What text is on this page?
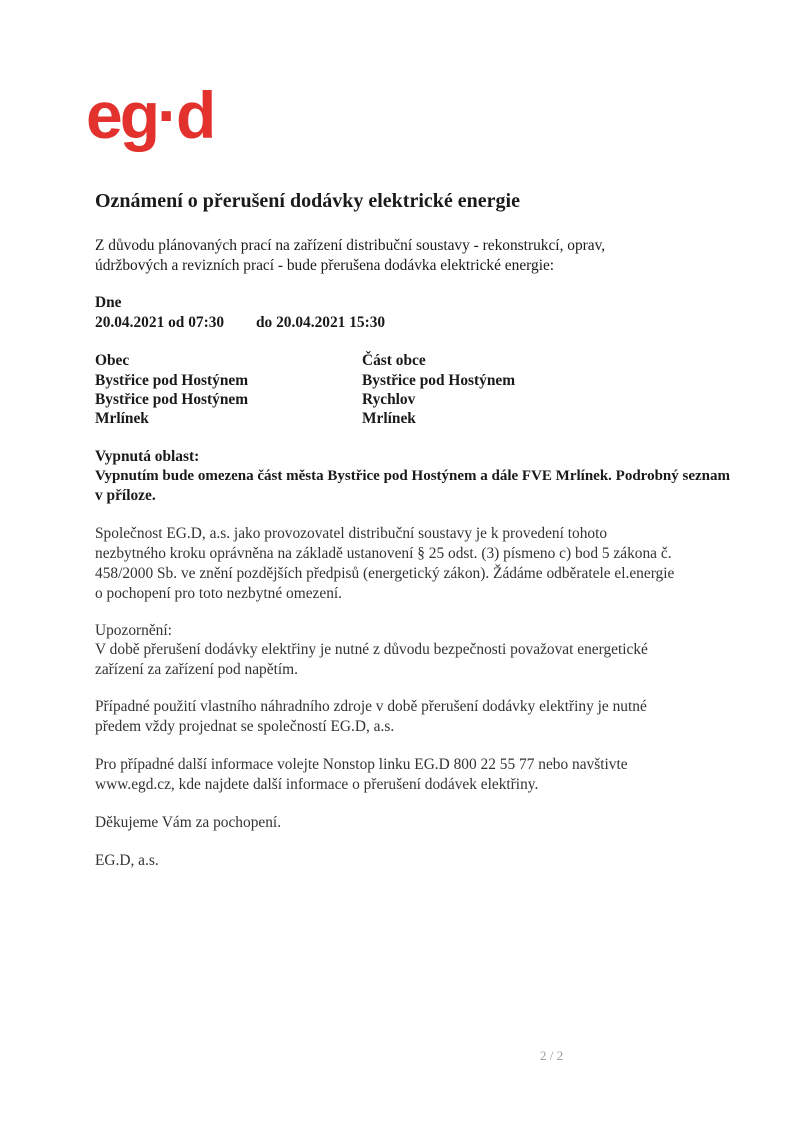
eg·d
Oznámení o přerušení dodávky elektrické energie

Z důvodu plánovaných prací na zařízení distribuční soustavy - rekonstrukcí, oprav,

údržbových a revizních prací - bude přerušena dodávka elektrické energie:

Dne

20.04.2021 od 07:30 do 20.04.2021 15:30

Obec	Část obce

Bystřice pod Hostýnem	Bystřice pod Hostýnem

Bystřice pod Hostýnem	Rychlov

Mrlínek	Mrlínek

Vypnutá oblast:

Vypnutím bude omezena část města Bystřice pod Hostýnem a dále FVE Mrlínek. Podrobný seznam

v příloze.

Společnost EG.D, a.s. jako provozovatel distribuční soustavy je k provedení tohoto

nezbytného kroku oprávněna na základě ustanovení § 25 odst. (3) písmeno c) bod 5 zákona č.

458/2000 Sb. ve znění pozdějších předpisů (energetický zákon). Žádáme odběratele el.energie

o pochopení pro toto nezbytné omezení.

Upozornění:

V době přerušení dodávky elektřiny je nutné z důvodu bezpečnosti považovat energetické

zařízení za zařízení pod napětím.

Případné použití vlastního náhradního zdroje v době přerušení dodávky elektřiny je nutné

předem vždy projednat se společností EG.D, a.s.

Pro případné další informace volejte Nonstop linku EG.D 800 22 55 77 nebo navštivte

www.egd.cz, kde najdete další informace o přerušení dodávek elektřiny.

Děkujeme Vám za pochopení.

EG.D, a.s.

2 / 2
